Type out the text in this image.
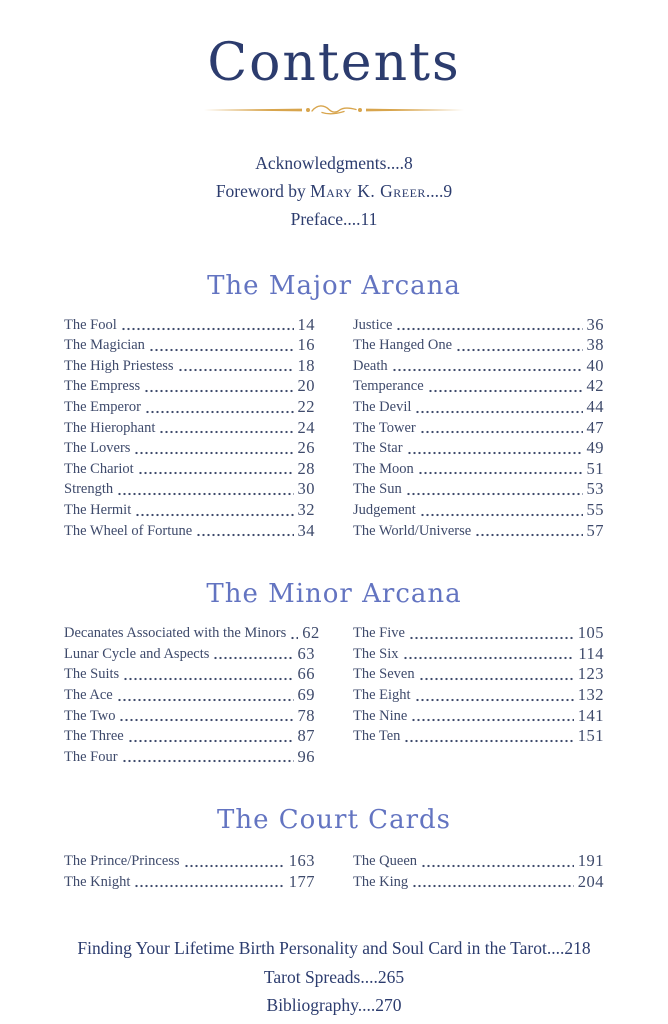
Contents
Acknowledgments....8
Foreword by Mary K. Greer....9
Preface....11
The Major Arcana
The Fool	14
The Magician	16
The High Priestess	18
The Empress	20
The Emperor	22
The Hierophant	24
The Lovers	26
The Chariot	28
Strength	30
The Hermit	32
The Wheel of Fortune	34
Justice	36
The Hanged One	38
Death	40
Temperance	42
The Devil	44
The Tower	47
The Star	49
The Moon	51
The Sun	53
Judgement	55
The World/Universe	57
The Minor Arcana
Decanates Associated with the Minors 62
Lunar Cycle and Aspects	63
The Suits	66
The Ace	69
The Two	78
The Three	87
The Four	96
The Five	105
The Six	114
The Seven	123
The Eight	132
The Nine	141
The Ten	151
The Court Cards
The Prince/Princess	163
The Knight	177
The Queen	191
The King	204
Finding Your Lifetime Birth Personality and Soul Card in the Tarot....218
Tarot Spreads....265
Bibliography....270
